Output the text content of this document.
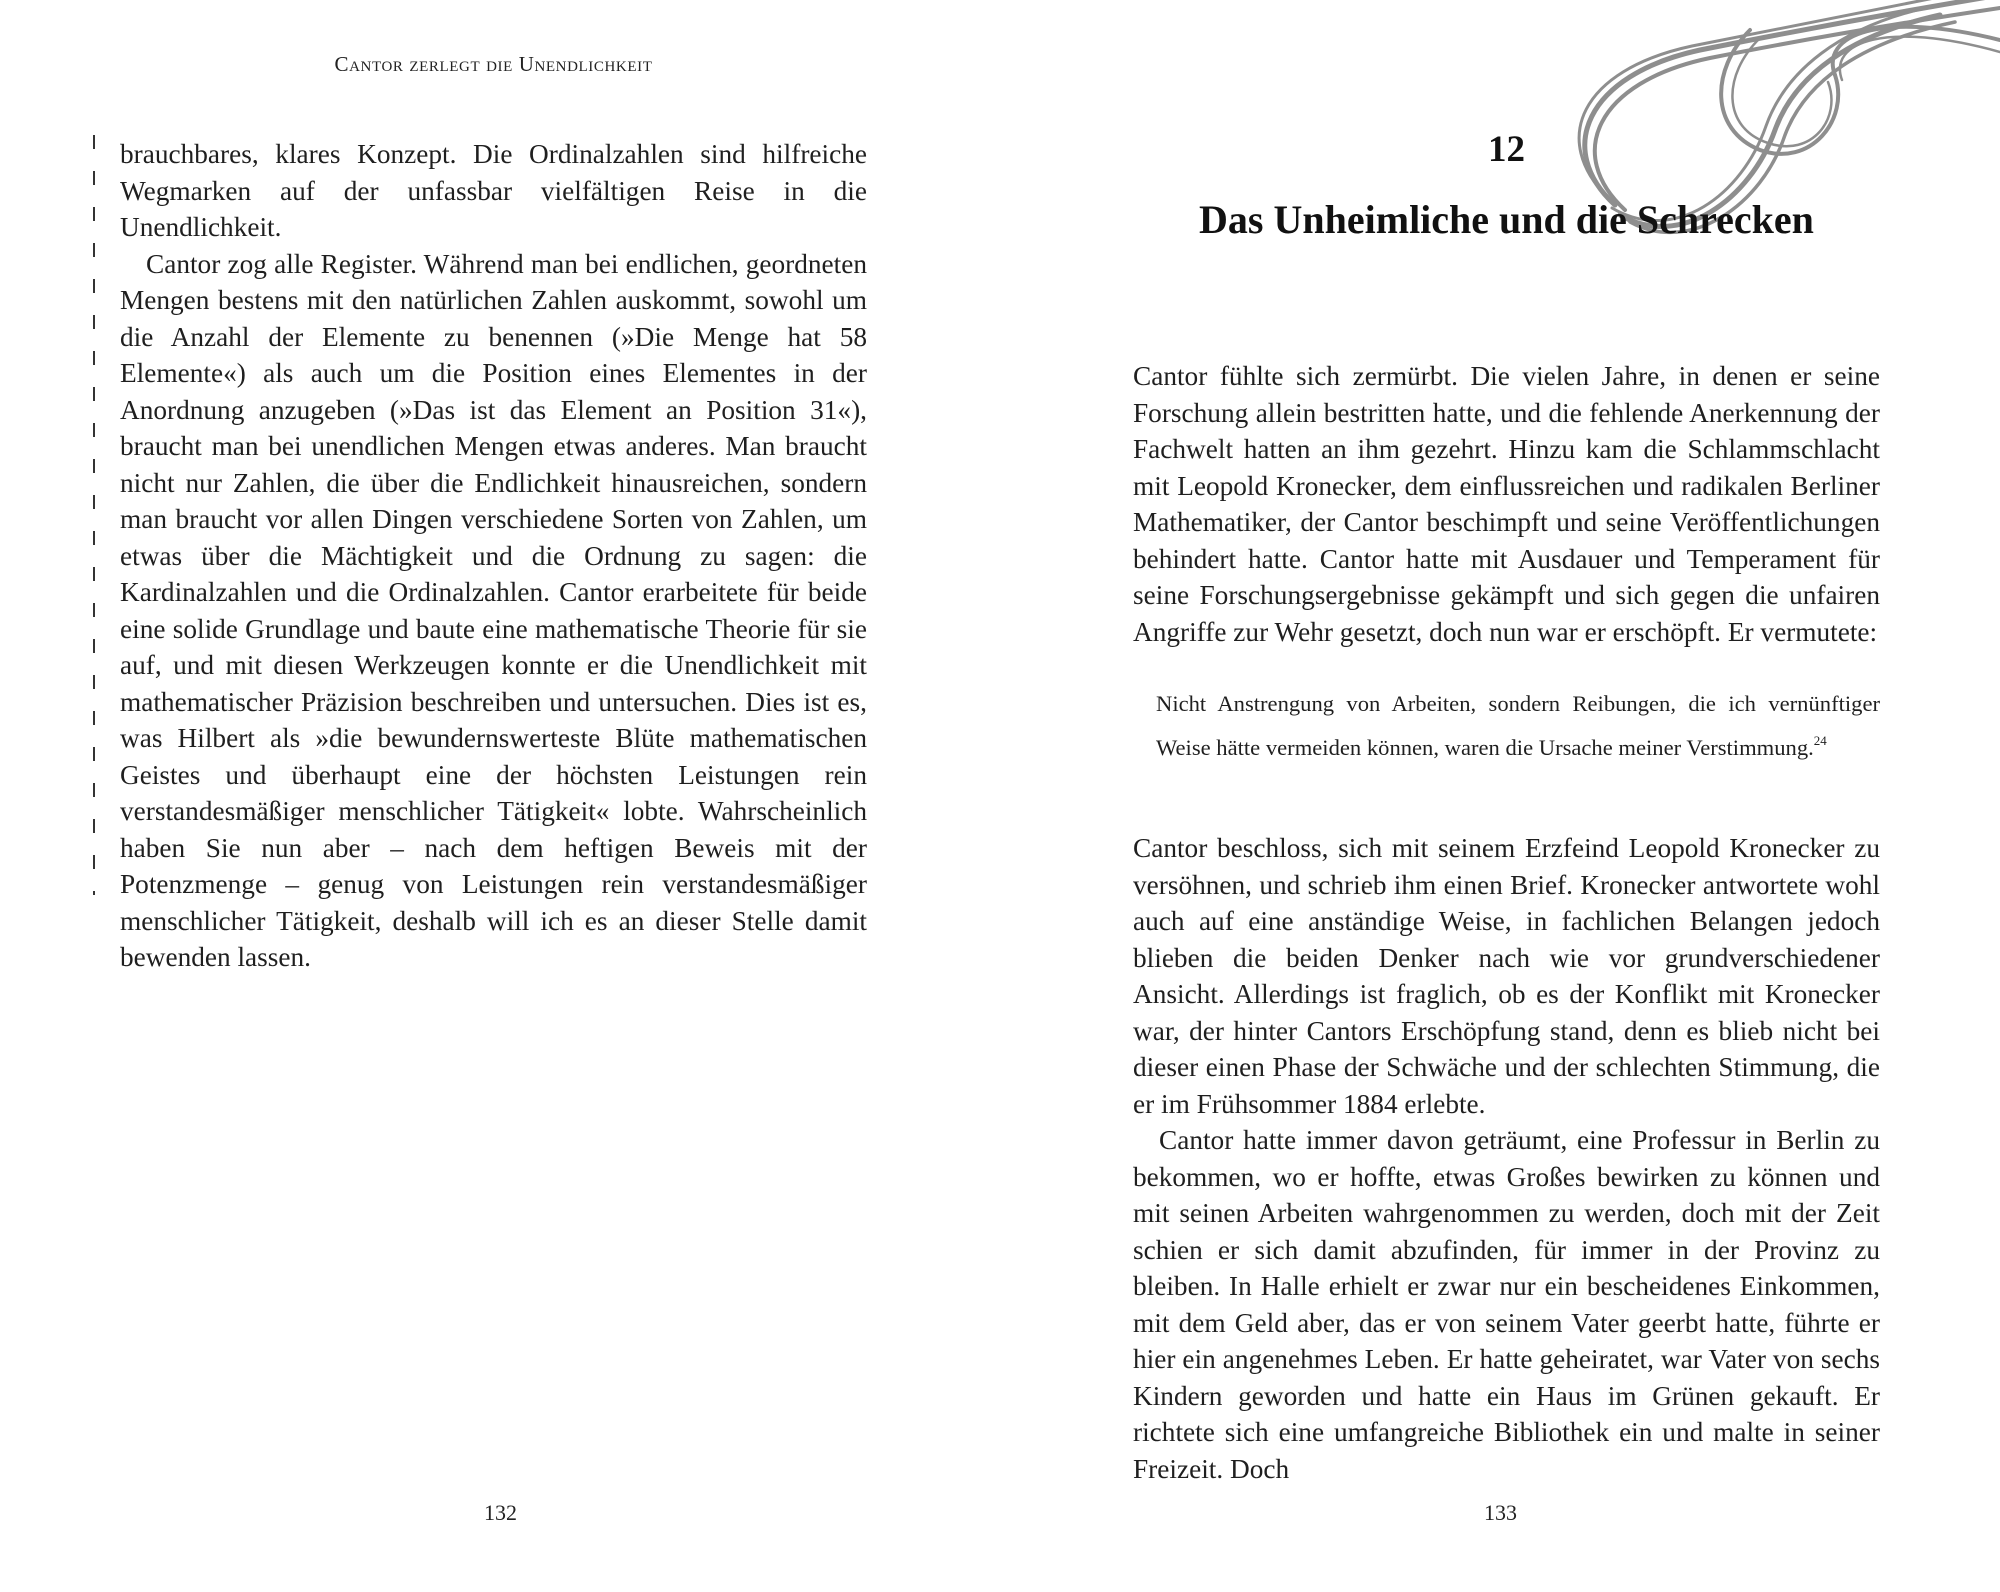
Cantor zerlegt die Unendlichkeit

brauchbares, klares Konzept. Die Ordinalzahlen sind hilfreiche Wegmarken auf der unfassbar vielfältigen Reise in die Unendlichkeit.

Cantor zog alle Register. Während man bei endlichen, geordneten Mengen bestens mit den natürlichen Zahlen auskommt, sowohl um die Anzahl der Elemente zu benennen (»Die Menge hat 58 Elemente«) als auch um die Position eines Elementes in der Anordnung anzugeben (»Das ist das Element an Position 31«), braucht man bei unendlichen Mengen etwas anderes. Man braucht nicht nur Zahlen, die über die Endlichkeit hinausreichen, sondern man braucht vor allen Dingen verschiedene Sorten von Zahlen, um etwas über die Mächtigkeit und die Ordnung zu sagen: die Kardinalzahlen und die Ordinalzahlen. Cantor erarbeitete für beide eine solide Grundlage und baute eine mathematische Theorie für sie auf, und mit diesen Werkzeugen konnte er die Unendlichkeit mit mathematischer Präzision beschreiben und untersuchen. Dies ist es, was Hilbert als »die bewundernswerteste Blüte mathematischen Geistes und überhaupt eine der höchsten Leistungen rein verstandesmäßiger menschlicher Tätigkeit« lobte. Wahrscheinlich haben Sie nun aber – nach dem heftigen Beweis mit der Potenzmenge – genug von Leistungen rein verstandesmäßiger menschlicher Tätigkeit, deshalb will ich es an dieser Stelle damit bewenden lassen.

132
12
Das Unheimliche und die Schrecken

Cantor fühlte sich zermürbt. Die vielen Jahre, in denen er seine Forschung allein bestritten hatte, und die fehlende Anerkennung der Fachwelt hatten an ihm gezehrt. Hinzu kam die Schlammschlacht mit Leopold Kronecker, dem einflussreichen und radikalen Berliner Mathematiker, der Cantor beschimpft und seine Veröffentlichungen behindert hatte. Cantor hatte mit Ausdauer und Temperament für seine Forschungsergebnisse gekämpft und sich gegen die unfairen Angriffe zur Wehr gesetzt, doch nun war er erschöpft. Er vermutete:

Nicht Anstrengung von Arbeiten, sondern Reibungen, die ich vernünftiger Weise hätte vermeiden können, waren die Ursache meiner Verstimmung.$^{24}$

Cantor beschloss, sich mit seinem Erzfeind Leopold Kronecker zu versöhnen, und schrieb ihm einen Brief. Kronecker antwortete wohl auch auf eine anständige Weise, in fachlichen Belangen jedoch blieben die beiden Denker nach wie vor grundverschiedener Ansicht. Allerdings ist fraglich, ob es der Konflikt mit Kronecker war, der hinter Cantors Erschöpfung stand, denn es blieb nicht bei dieser einen Phase der Schwäche und der schlechten Stimmung, die er im Frühsommer 1884 erlebte.

Cantor hatte immer davon geträumt, eine Professur in Berlin zu bekommen, wo er hoffte, etwas Großes bewirken zu können und mit seinen Arbeiten wahrgenommen zu werden, doch mit der Zeit schien er sich damit abzufinden, für immer in der Provinz zu bleiben. In Halle erhielt er zwar nur ein bescheidenes Einkommen, mit dem Geld aber, das er von seinem Vater geerbt hatte, führte er hier ein angenehmes Leben. Er hatte geheiratet, war Vater von sechs Kindern geworden und hatte ein Haus im Grünen gekauft. Er richtete sich eine umfangreiche Bibliothek ein und malte in seiner Freizeit. Doch

133
